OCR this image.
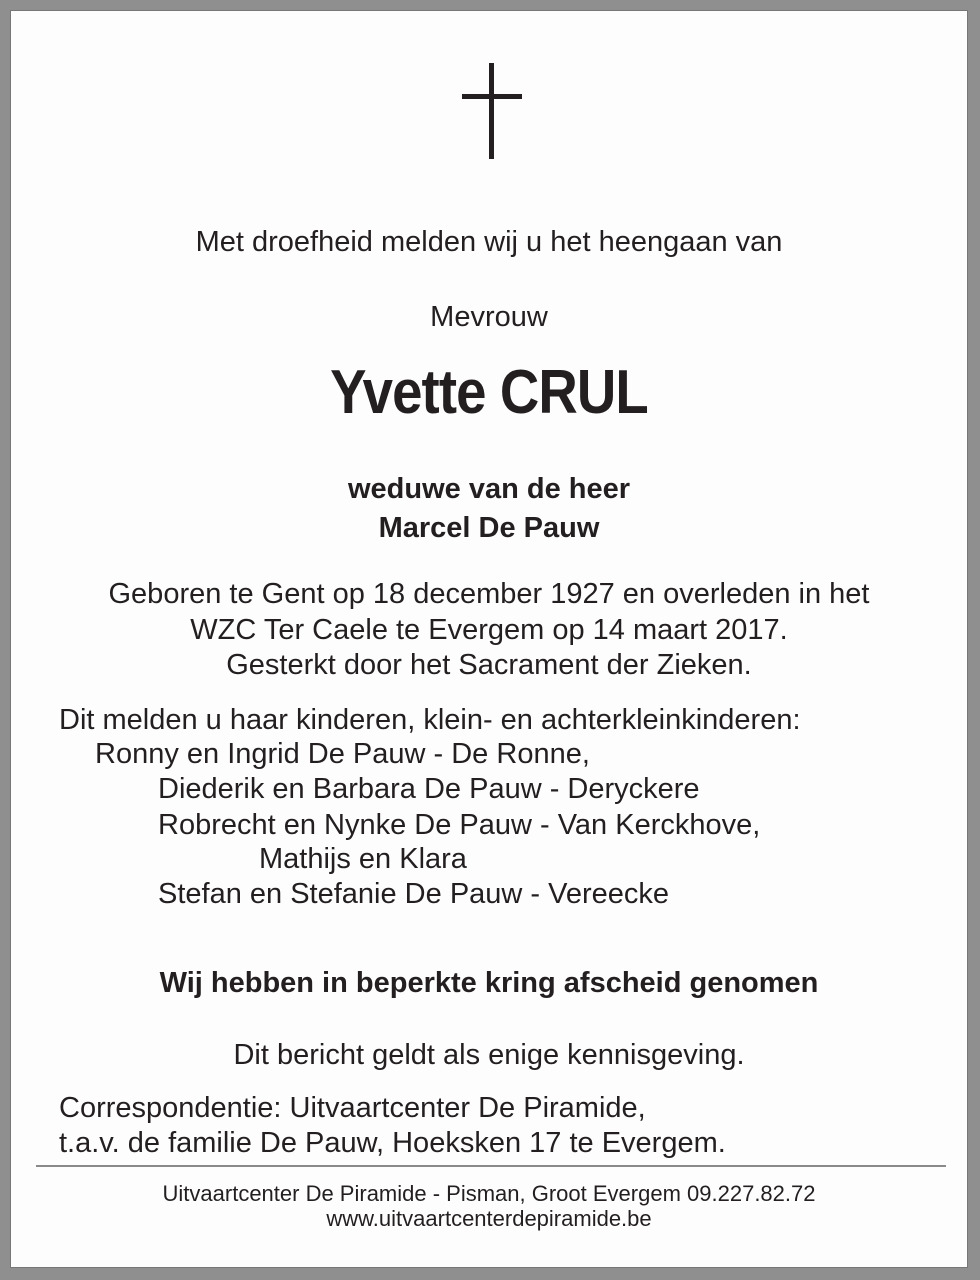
Met droefheid melden wij u het heengaan van
Mevrouw
Yvette CRUL
weduwe van de heer
Marcel De Pauw
Geboren te Gent op 18 december 1927 en overleden in het
WZC Ter Caele te Evergem op 14 maart 2017.
Gesterkt door het Sacrament der Zieken.
Dit melden u haar kinderen, klein- en achterkleinkinderen:
Ronny en Ingrid De Pauw - De Ronne,
Diederik en Barbara De Pauw - Deryckere
Robrecht en Nynke De Pauw - Van Kerckhove,
Mathijs en Klara
Stefan en Stefanie De Pauw - Vereecke
Wij hebben in beperkte kring afscheid genomen
Dit bericht geldt als enige kennisgeving.
Correspondentie: Uitvaartcenter De Piramide,
t.a.v. de familie De Pauw, Hoeksken 17 te Evergem.
Uitvaartcenter De Piramide - Pisman, Groot Evergem 09.227.82.72
www.uitvaartcenterdepiramide.be
